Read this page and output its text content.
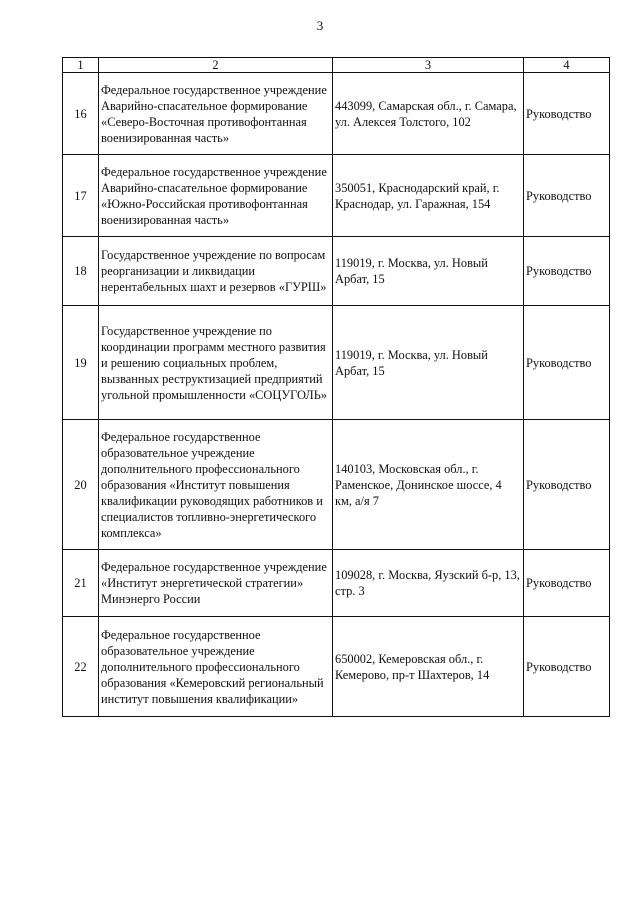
3
1	2	3	4
16	Федеральное государственное учреждение Аварийно-спасательное формирование «Северо-Восточная противофонтанная военизированная часть»	443099, Самарская обл., г. Самара, ул. Алексея Толстого, 102	Руководство
17	Федеральное государственное учреждение Аварийно-спасательное формирование «Южно-Российская противофонтанная военизированная часть»	350051, Краснодарский край, г. Краснодар, ул. Гаражная, 154	Руководство
18	Государственное учреждение по вопросам реорганизации и ликвидации нерентабельных шахт и резервов «ГУРШ»	119019, г. Москва, ул. Новый Арбат, 15	Руководство
19	Государственное учреждение по координации программ местного развития и решению социальных проблем, вызванных реструктизацией предприятий угольной промышленности «СОЦУГОЛЬ»	119019, г. Москва, ул. Новый Арбат, 15	Руководство
20	Федеральное государственное образовательное учреждение дополнительного профессионального образования «Институт повышения квалификации руководящих работников и специалистов топливно-энергетического комплекса»	140103, Московская обл., г. Раменское, Донинское шоссе, 4 км, а/я 7	Руководство
21	Федеральное государственное учреждение «Институт энергетической стратегии» Минэнерго России	109028, г. Москва, Яузский б-р, 13, стр. 3	Руководство
22	Федеральное государственное образовательное учреждение дополнительного профессионального образования «Кемеровский региональный институт повышения квалификации»	650002, Кемеровская обл., г. Кемерово, пр-т Шахтеров, 14	Руководство
